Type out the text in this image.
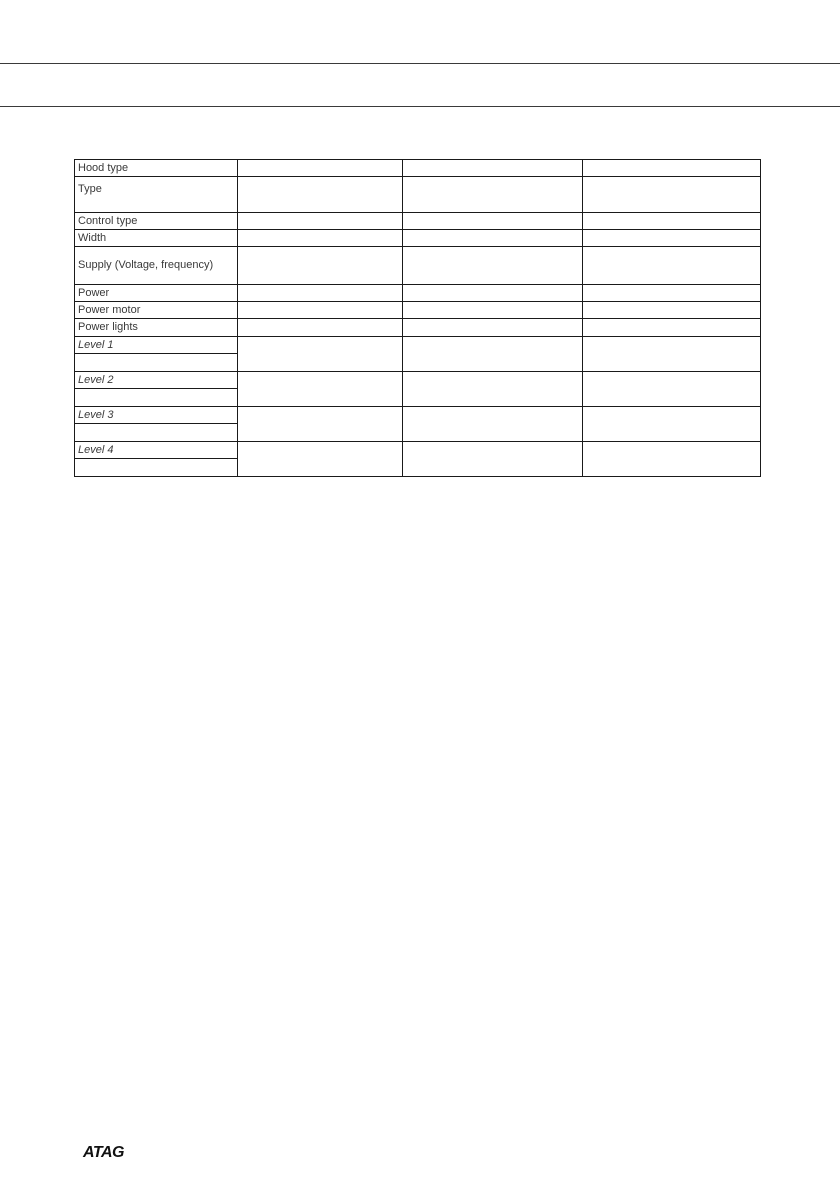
Hood type			
Type			
Control type			
Width			
Supply (Voltage, frequency)			
Power			
Power motor			
Power lights			
Level 1			

Level 2			

Level 3			

Level 4			

ATAG
